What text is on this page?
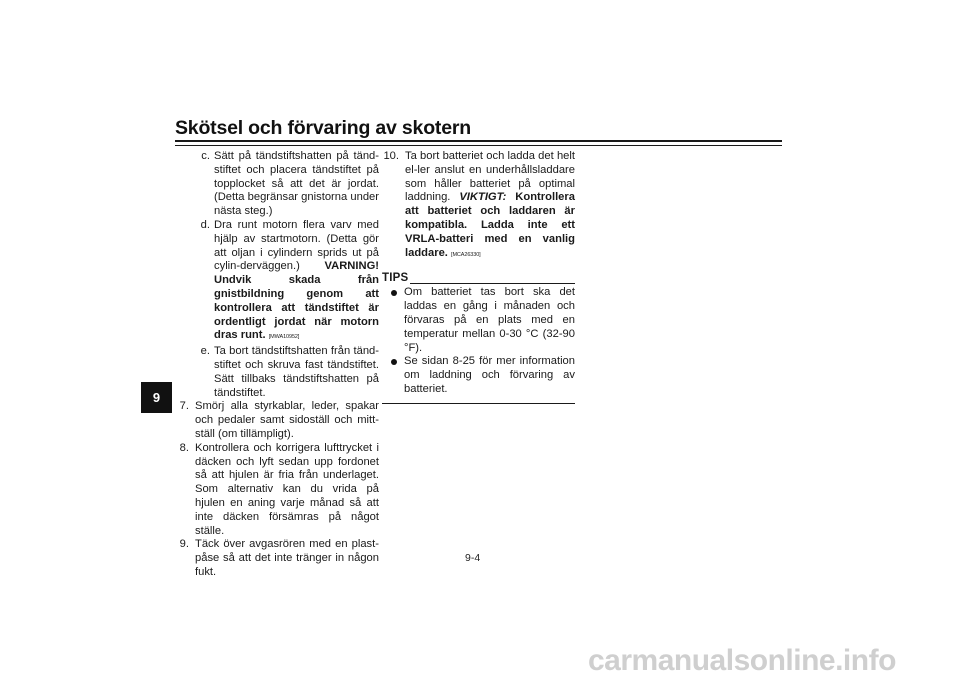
Skötsel och förvaring av skotern
9
c. Sätt på tändstiftshatten på tänd-stiftet och placera tändstiftet på topplocket så att det är jordat. (Detta begränsar gnistorna under nästa steg.)
d. Dra runt motorn flera varv med hjälp av startmotorn. (Detta gör att oljan i cylindern sprids ut på cylin-derväggen.) VARNING! Undvik skada från gnistbildning genom att kontrollera att tändstiftet är ordentligt jordat när motorn dras runt. [MWA10952]
e. Ta bort tändstiftshatten från tänd-stiftet och skruva fast tändstiftet. Sätt tillbaks tändstiftshatten på tändstiftet.
7. Smörj alla styrkablar, leder, spakar och pedaler samt sidoställ och mitt-ställ (om tillämpligt).
8. Kontrollera och korrigera lufttrycket i däcken och lyft sedan upp fordonet så att hjulen är fria från underlaget. Som alternativ kan du vrida på hjulen en aning varje månad så att inte däcken försämras på något ställe.
9. Täck över avgasrören med en plast-påse så att det inte tränger in någon fukt.
10. Ta bort batteriet och ladda det helt el-ler anslut en underhållsladdare som håller batteriet på optimal laddning. VIKTIGT: Kontrollera att batteriet och laddaren är kompatibla. Ladda inte ett VRLA-batteri med en vanlig laddare. [MCA26330]
TIPS
Om batteriet tas bort ska det laddas en gång i månaden och förvaras på en plats med en temperatur mellan 0-30 °C (32-90 °F).
Se sidan 8-25 för mer information om laddning och förvaring av batteriet.
9-4
carmanualsonline.info
